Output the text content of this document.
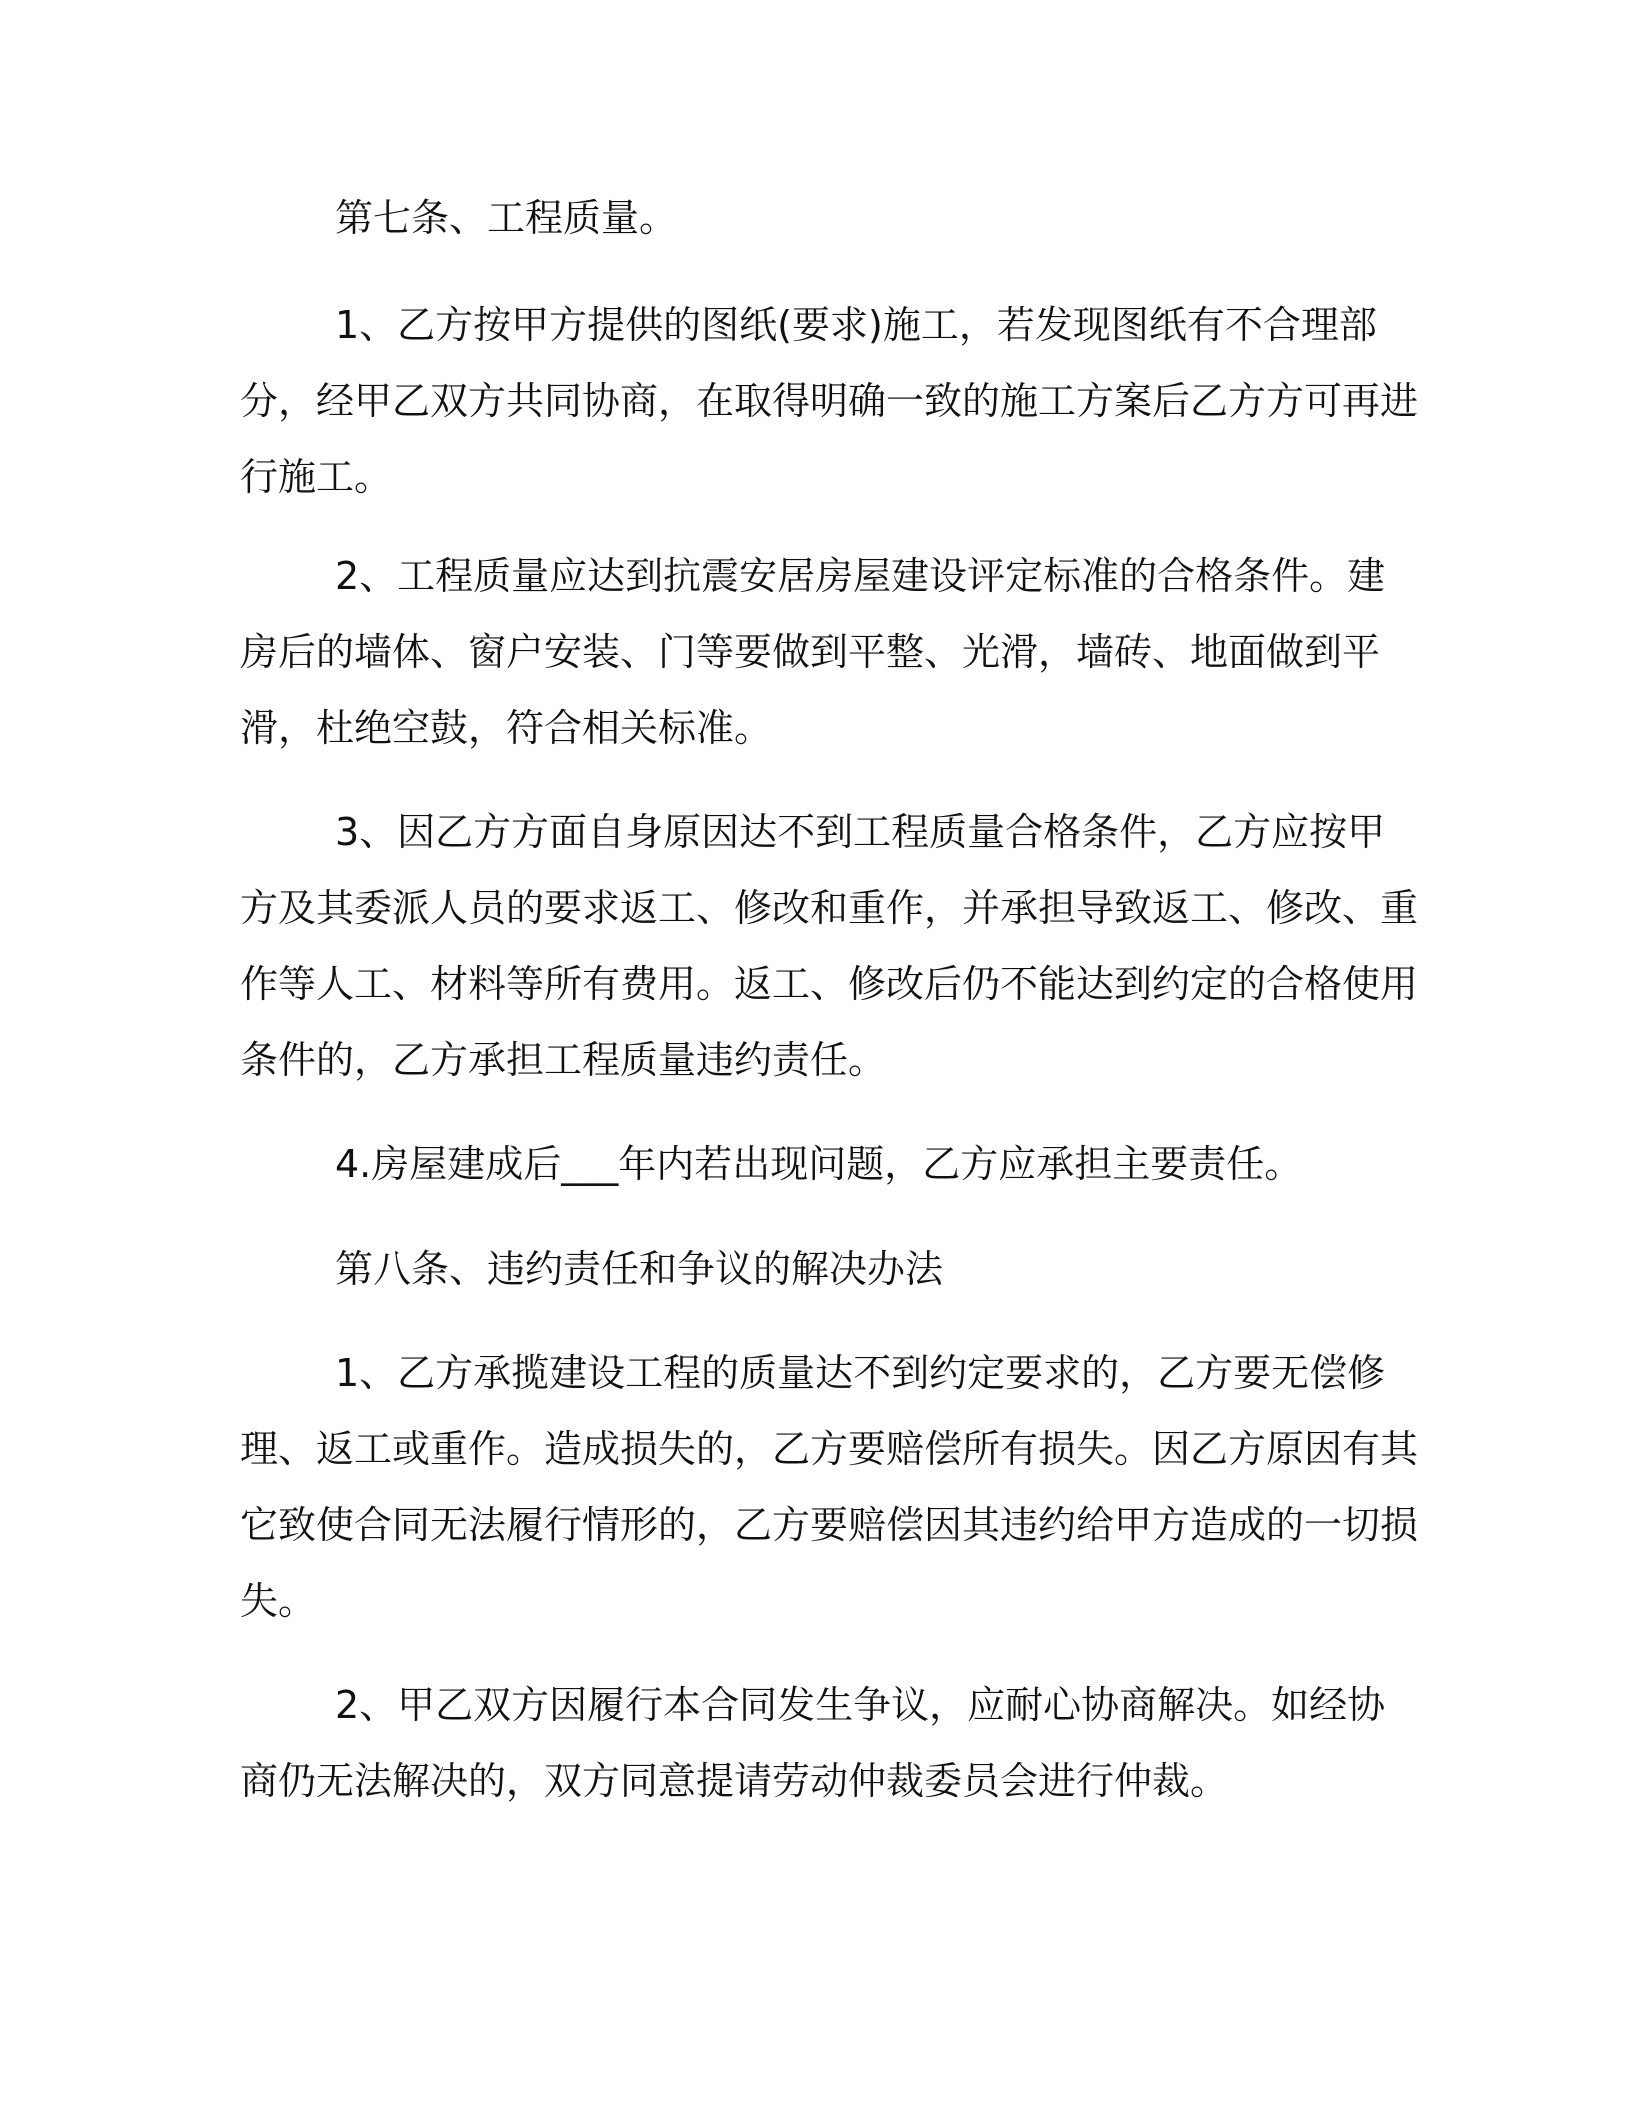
第七条、工程质量。

1、乙方按甲方提供的图纸(要求)施工，若发现图纸有不合理部分，经甲乙双方共同协商，在取得明确一致的施工方案后乙方方可再进行施工。

2、工程质量应达到抗震安居房屋建设评定标准的合格条件。建房后的墙体、窗户安装、门等要做到平整、光滑，墙砖、地面做到平滑，杜绝空鼓，符合相关标准。

3、因乙方方面自身原因达不到工程质量合格条件，乙方应按甲方及其委派人员的要求返工、修改和重作，并承担导致返工、修改、重作等人工、材料等所有费用。返工、修改后仍不能达到约定的合格使用条件的，乙方承担工程质量违约责任。

4.房屋建成后___年内若出现问题，乙方应承担主要责任。

第八条、违约责任和争议的解决办法

1、乙方承揽建设工程的质量达不到约定要求的，乙方要无偿修理、返工或重作。造成损失的，乙方要赔偿所有损失。因乙方原因有其它致使合同无法履行情形的，乙方要赔偿因其违约给甲方造成的一切损失。

2、甲乙双方因履行本合同发生争议，应耐心协商解决。如经协商仍无法解决的，双方同意提请劳动仲裁委员会进行仲裁。
